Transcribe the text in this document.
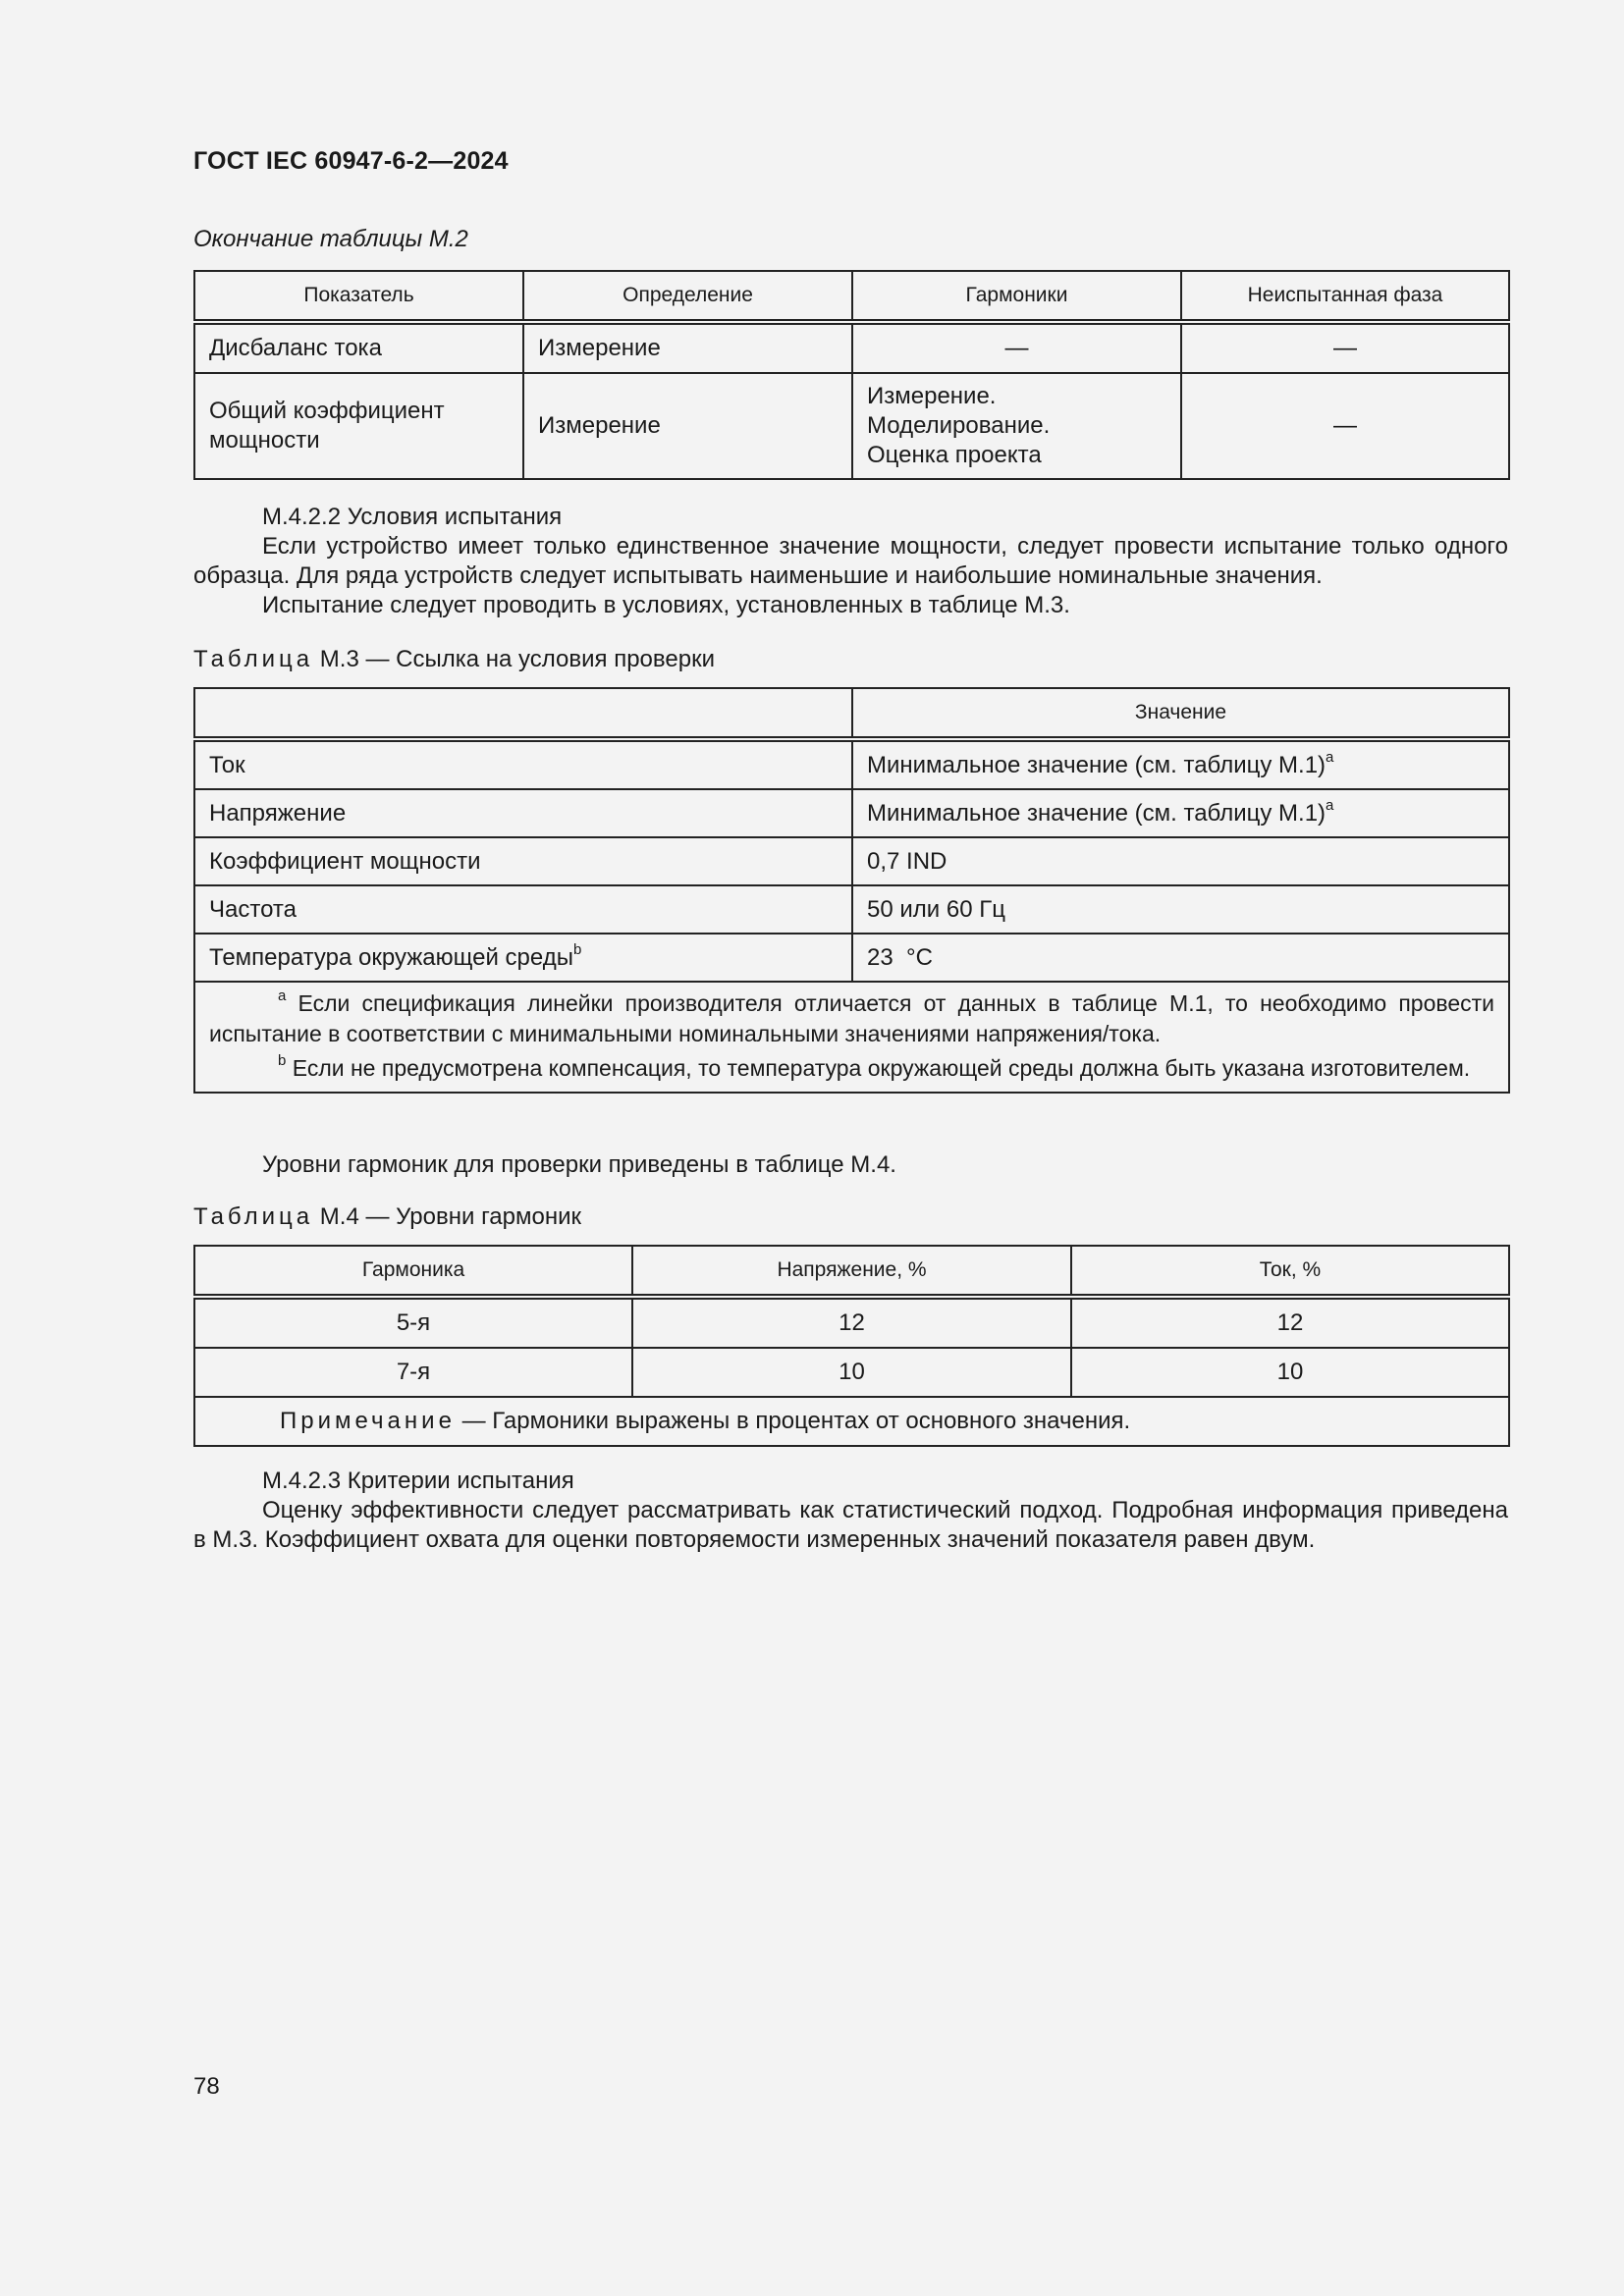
ГОСТ IEC 60947-6-2—2024
Окончание таблицы М.2
Показатель	Определение	Гармоники	Неиспытанная фаза
Дисбаланс тока	Измерение	—	—
Общий коэффициент мощности	Измерение	Измерение. Моделирование. Оценка проекта	—
М.4.2.2 Условия испытания
Если устройство имеет только единственное значение мощности, следует провести испытание только одного образца. Для ряда устройств следует испытывать наименьшие и наибольшие номинальные значения.
Испытание следует проводить в условиях, установленных в таблице М.3.
Таблица М.3 — Ссылка на условия проверки
	Значение
Ток	Минимальное значение (см. таблицу М.1)$^a$
Напряжение	Минимальное значение (см. таблицу М.1)$^a$
Коэффициент мощности	0,7 IND
Частота	50 или 60 Гц
Температура окружающей среды$^b$	23  °C

$^a$ Если спецификация линейки производителя отличается от данных в таблице М.1, то необходимо провести испытание в соответствии с минимальными номинальными значениями напряжения/тока.

$^b$ Если не предусмотрена компенсация, то температура окружающей среды должна быть указана изготовителем.	

Уровни гармоник для проверки приведены в таблице М.4.
Таблица М.4 — Уровни гармоник
Гармоника	Напряжение, %	Ток, %
5-я	12	12
7-я	10	10
Примечание — Гармоники выражены в процентах от основного значения.		
М.4.2.3 Критерии испытания
Оценку эффективности следует рассматривать как статистический подход. Подробная информация приведена в М.3. Коэффициент охвата для оценки повторяемости измеренных значений показателя равен двум.
78
